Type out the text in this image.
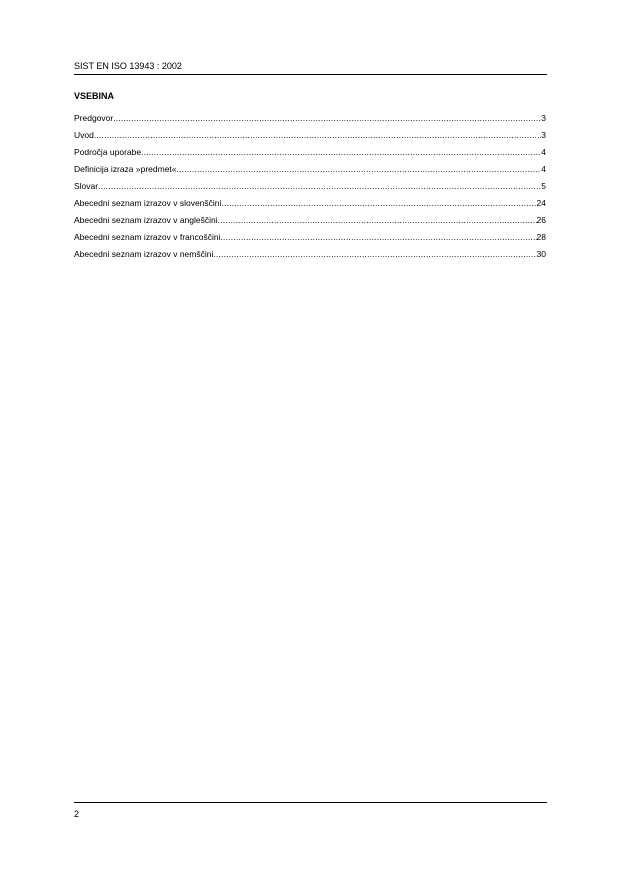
SIST EN ISO 13943 : 2002
VSEBINA
Predgovor .....	3
Uvod .....	3
Področja uporabe .....	4
Definicija izraza »predmet« .....	4
Slovar .....	5
Abecedni seznam izrazov v slovenščini .....	24
Abecedni seznam izrazov v angleščini .....	26
Abecedni seznam izrazov v francoščini .....	28
Abecedni seznam izrazov v nemščini .....	30
2
